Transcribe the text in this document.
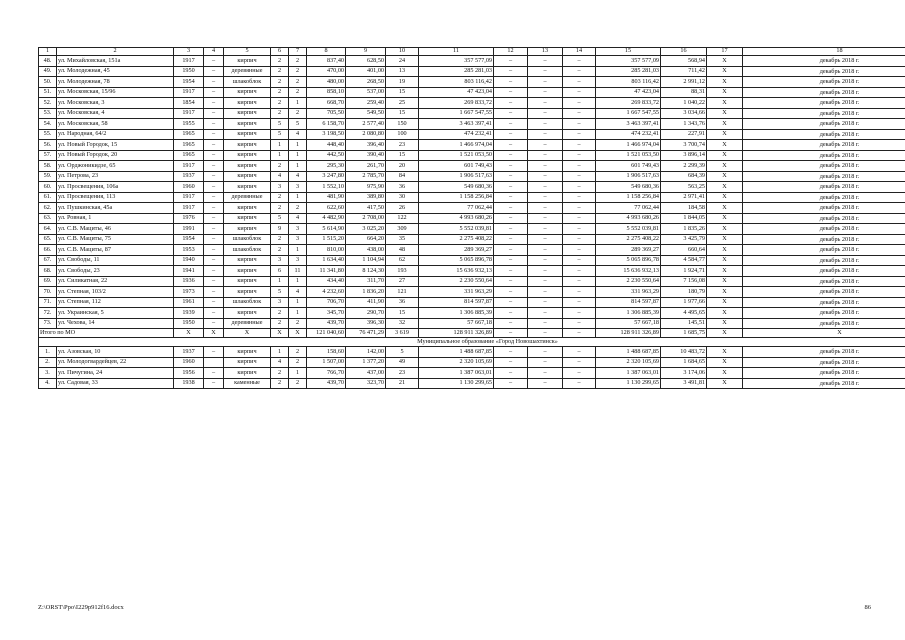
1	2	3	4	5	6	7	8	9	10	11	12	13	14	15	16	17	18
48.	ул. Михайловская, 151а	1917	–	кирпич	2	2	837,40	628,50	24	357 577,09	–	–	–	357 577,09	568,94	Х	декабрь 2018 г.
49.	ул. Молодежная, 45	1950	–	деревянные	2	2	470,00	401,00	13	285 281,03	–	–	–	285 281,03	711,42	Х	декабрь 2018 г.
50.	ул. Молодежная, 78	1954	–	шлакоблок	2	2	480,00	268,50	19	803 116,42	–	–	–	803 116,42	2 991,12	Х	декабрь 2018 г.
51.	ул. Московская, 15/96	1917	–	кирпич	2	2	858,10	537,00	15	47 423,04	–	–	–	47 423,04	88,31	Х	декабрь 2018 г.
52.	ул. Московская, 3	1854	–	кирпич	2	1	668,70	259,40	25	269 833,72	–	–	–	269 833,72	1 040,22	Х	декабрь 2018 г.
53.	ул. Московская, 4	1917	–	кирпич	2	2	705,50	549,50	15	1 667 547,55	–	–	–	1 667 547,55	3 034,66	Х	декабрь 2018 г.
54.	ул. Московская, 58	1955	–	кирпич	5	5	6 158,70	2 577,40	150	3 463 397,41	–	–	–	3 463 397,41	1 343,76	Х	декабрь 2018 г.
55.	ул. Народная, 64/2	1965	–	кирпич	5	4	3 198,50	2 080,80	100	474 232,41	–	–	–	474 232,41	227,91	Х	декабрь 2018 г.
56.	ул. Новый Городок, 15	1965	–	кирпич	1	1	448,40	396,40	23	1 466 974,04	–	–	–	1 466 974,04	3 700,74	Х	декабрь 2018 г.
57.	ул. Новый Городок, 20	1965	–	кирпич	1	1	442,50	390,40	15	1 521 053,50	–	–	–	1 521 053,50	3 896,14	Х	декабрь 2018 г.
58.	ул. Орджоникидзе, 65	1917	–	кирпич	2	1	295,30	261,70	20	601 749,43	–	–	–	601 749,43	2 299,39	Х	декабрь 2018 г.
59.	ул. Петрова, 23	1937	–	кирпич	4	4	3 247,80	2 785,70	84	1 906 517,63	–	–	–	1 906 517,63	684,39	Х	декабрь 2018 г.
60.	ул. Просвещения, 106а	1960	–	кирпич	3	3	1 552,10	975,90	36	549 680,36	–	–	–	549 680,36	563,25	Х	декабрь 2018 г.
61.	ул. Просвещения, 113	1917	–	деревянные	2	1	481,90	389,80	30	1 158 256,84	–	–	–	1 158 256,84	2 971,41	Х	декабрь 2018 г.
62.	ул. Пушкинская, 45а	1917	–	кирпич	2	2	622,60	417,50	26	77 062,44	–	–	–	77 062,44	184,58	Х	декабрь 2018 г.
63.	ул. Ровная, 1	1976	–	кирпич	5	4	4 482,90	2 708,00	122	4 993 680,26	–	–	–	4 993 680,26	1 844,05	Х	декабрь 2018 г.
64.	ул. С.В. Мациты, 46	1991	–	кирпич	9	3	5 614,90	3 025,20	309	5 552 039,81	–	–	–	5 552 039,81	1 835,26	Х	декабрь 2018 г.
65.	ул. С.В. Мациты, 75	1954	–	шлакоблок	2	3	1 515,20	664,20	35	2 275 408,22	–	–	–	2 275 408,22	3 425,79	Х	декабрь 2018 г.
66.	ул. С.В. Мациты, 87	1953	–	шлакоблок	2	1	810,00	438,00	48	289 369,27	–	–	–	289 369,27	660,64	Х	декабрь 2018 г.
67.	ул. Свободы, 11	1940	–	кирпич	3	3	1 634,40	1 104,94	62	5 065 896,78	–	–	–	5 065 896,78	4 584,77	Х	декабрь 2018 г.
68.	ул. Свободы, 23	1941	–	кирпич	6	11	11 341,80	8 124,30	193	15 636 932,13	–	–	–	15 636 932,13	1 924,71	Х	декабрь 2018 г.
69.	ул. Силикатная, 22	1936	–	кирпич	1	1	434,40	311,70	27	2 230 550,64	–	–	–	2 230 550,64	7 156,08	Х	декабрь 2018 г.
70.	ул. Степная, 103/2	1973	–	кирпич	5	4	4 232,60	1 836,20	121	331 963,29	–	–	–	331 963,29	180,79	Х	декабрь 2018 г.
71.	ул. Степная, 112	1961	–	шлакоблок	3	1	706,70	411,90	36	814 597,87	–	–	–	814 597,87	1 977,66	Х	декабрь 2018 г.
72.	ул. Украинская, 5	1939	–	кирпич	2	1	345,70	290,70	15	1 306 885,39	–	–	–	1 306 885,39	4 495,65	Х	декабрь 2018 г.
73.	ул. Чехова, 14	1950	–	деревянные	2	2	439,70	396,30	32	57 667,18	–	–	–	57 667,18	145,51	Х	декабрь 2018 г.
Итого по МО		Х	Х	Х	Х	Х	121 040,60	76 471,29	3 619	128 911 326,89	–	–	–	128 911 326,89	1 685,75	Х	Х
Муниципальное образование «Город Новошахтинск»																	
1.	ул. Азовская, 10	1937	–	кирпич	1	2	158,60	142,00	5	1 488 687,85	–	–	–	1 488 687,85	10 483,72	Х	декабрь 2018 г.
2.	ул. Молодогвардейцев, 22	1960		кирпич	4	2	1 507,00	1 377,20	49	2 320 105,69	–	–	–	2 320 105,69	1 684,65	Х	декабрь 2018 г.
3.	ул. Пичугина, 24	1956	–	кирпич	2	1	766,70	437,00	23	1 387 063,01	–	–	–	1 387 063,01	3 174,06	Х	декабрь 2018 г.
4.	ул. Садовая, 33	1938	–	каменные	2	2	439,70	323,70	21	1 130 299,65	–	–	–	1 130 299,65	3 491,81	Х	декабрь 2018 г.
Z:\ORST\Ppo\I229p912f16.docx	86
